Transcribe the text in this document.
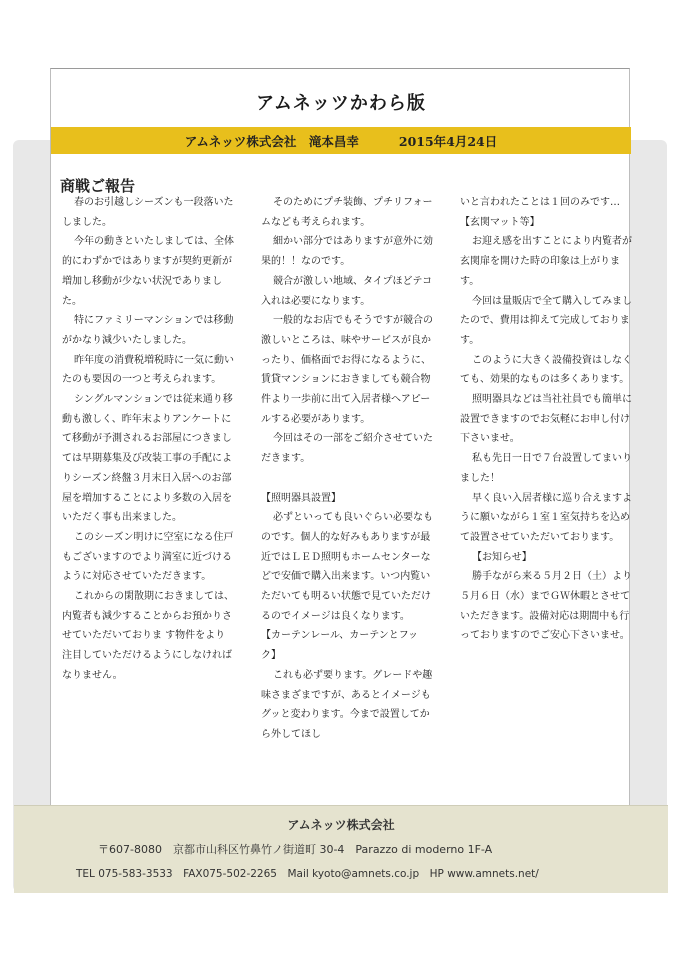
アムネッツかわら版
アムネッツ株式会社　滝本昌幸	2015年4月24日
商戦ご報告

春のお引越しシーズンも一段落いたしました。

今年の動きといたしましては、全体的にわずかではありますが契約更新が増加し移動が少ない状況でありました。

特にファミリーマンションでは移動がかなり減少いたしました。

昨年度の消費税増税時に一気に動いたのも要因の一つと考えられます。

シングルマンションでは従来通り移動も激しく、昨年末よりアンケートにて移動が予測されるお部屋につきましては早期募集及び改装工事の手配によりシーズン終盤３月末日入居へのお部屋を増加することにより多数の入居をいただく事も出来ました。

このシーズン明けに空室になる住戸もございますのでより満室に近づけるように対応させていただきます。

これからの閑散期におきましては、内覧者も減少することからお預かりさせていただいておりま す物件をより注目していただけるようにしなければなりません。

そのためにプチ装飾、プチリフォームなども考えられます。

細かい部分ではありますが意外に効果的！！なのです。

競合が激しい地域、タイプほどテコ入れは必要になります。

一般的なお店でもそうですが競合の激しいところは、味やサービスが良かったり、価格面でお得になるように、賃貸マンションにおきましても競合物件より一歩前に出て入居者様へアピールする必要があります。

今回はその一部をご紹介させていただきます。

【照明器具設置】

必ずといっても良いぐらい必要なものです。個人的な好みもありますが最近ではＬＥＤ照明もホームセンターなどで安価で購入出来ます。いつ内覧いただいても明るい状態で見ていただけるのでイメージは良くなります。

【カーテンレール、カーテンとフック】

これも必ず要ります。グレードや趣味さまざまですが、あるとイメージもグッと変わります。今まで設置してから外してほし

いと言われたことは１回のみです…

【玄関マット等】

お迎え感を出すことにより内覧者が玄関扉を開けた時の印象は上がります。

今回は量販店で全て購入してみましたので、費用は抑えて完成しております。

このように大きく設備投資はしなくても、効果的なものは多くあります。

照明器具などは当社社員でも簡単に設置できますのでお気軽にお申し付け下さいませ。

私も先日一日で７台設置してまいりました！

早く良い入居者様に巡り合えますように願いながら１室１室気持ちを込めて設置させていただいております。

【お知らせ】

勝手ながら来る５月２日（土）より５月６日（水）までＧＷ休暇とさせていただきます。設備対応は期間中も行っておりますのでご安心下さいませ。

アムネッツ株式会社
〒607-8080　京都市山科区竹鼻竹ノ街道町 30-4　Parazzo di moderno 1F-A
TEL 075-583-3533　FAX075-502-2265　Mail kyoto@amnets.co.jp　HP www.amnets.net/
